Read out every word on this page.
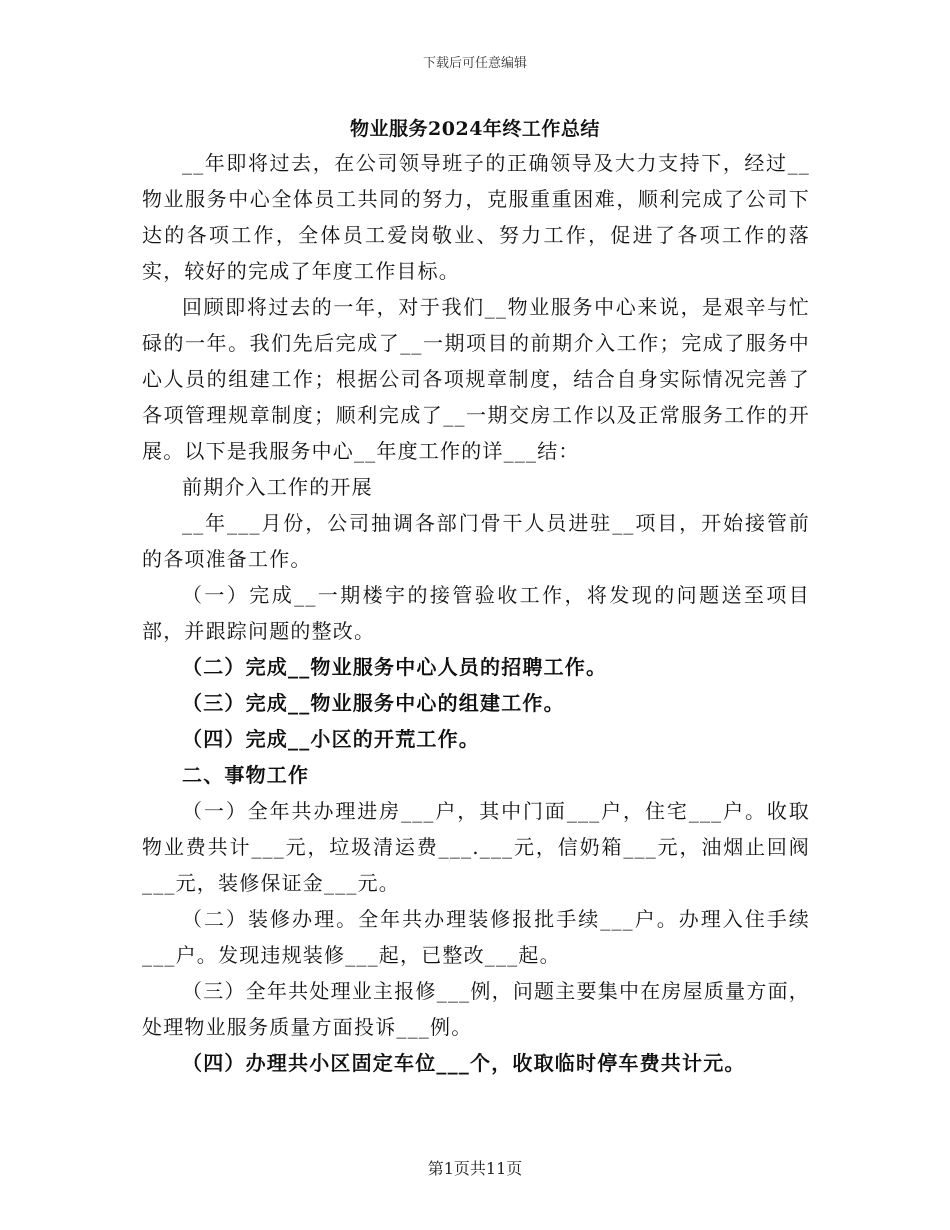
下载后可任意编辑
物业服务2024年终工作总结

__年即将过去，在公司领导班子的正确领导及大力支持下，经过__物业服务中心全体员工共同的努力，克服重重困难，顺利完成了公司下达的各项工作，全体员工爱岗敬业、努力工作，促进了各项工作的落实，较好的完成了年度工作目标。

回顾即将过去的一年，对于我们__物业服务中心来说，是艰辛与忙碌的一年。我们先后完成了__一期项目的前期介入工作；完成了服务中心人员的组建工作；根据公司各项规章制度，结合自身实际情况完善了各项管理规章制度；顺利完成了__一期交房工作以及正常服务工作的开展。以下是我服务中心__年度工作的详___结：

前期介入工作的开展

__年___月份，公司抽调各部门骨干人员进驻__项目，开始接管前的各项准备工作。

（一）完成__一期楼宇的接管验收工作，将发现的问题送至项目部，并跟踪问题的整改。

（二）完成__物业服务中心人员的招聘工作。

（三）完成__物业服务中心的组建工作。

（四）完成__小区的开荒工作。

二、事物工作

（一）全年共办理进房___户，其中门面___户，住宅___户。收取物业费共计___元，垃圾清运费___.___元，信奶箱___元，油烟止回阀___元，装修保证金___元。

（二）装修办理。全年共办理装修报批手续___户。办理入住手续___户。发现违规装修___起，已整改___起。

（三）全年共处理业主报修___例，问题主要集中在房屋质量方面，处理物业服务质量方面投诉___例。

（四）办理共小区固定车位___个，收取临时停车费共计元。

第1页共11页
